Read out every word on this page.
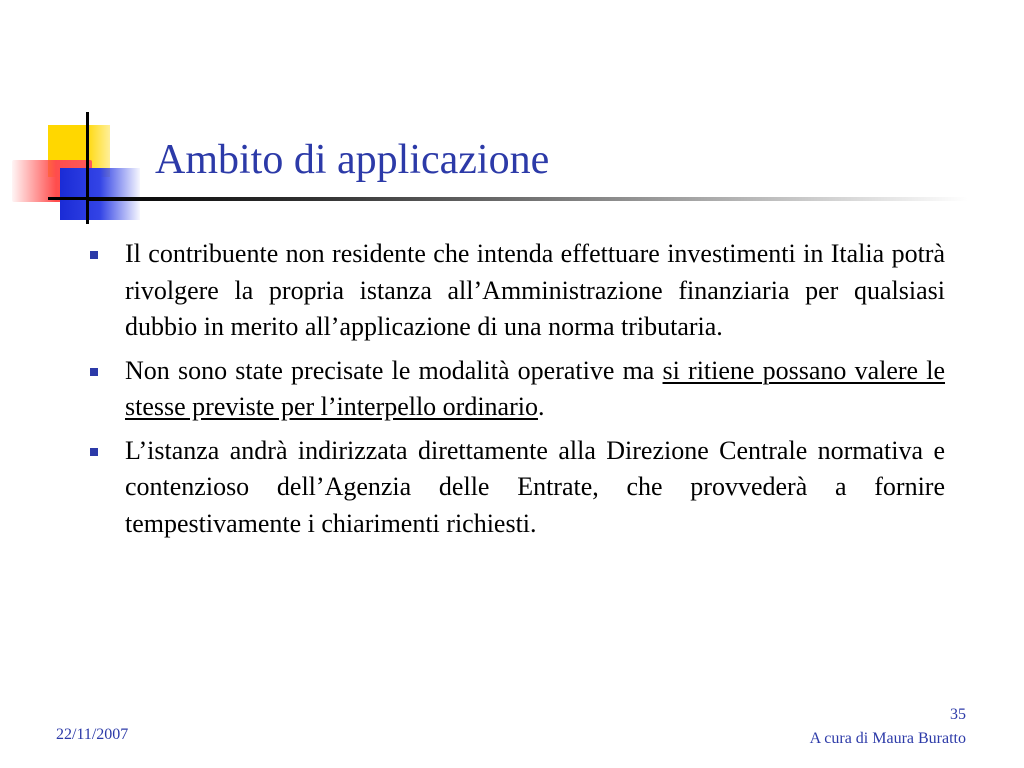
Ambito di applicazione
Il contribuente non residente che intenda effettuare investimenti in Italia potrà rivolgere la propria istanza all’Amministrazione finanziaria per qualsiasi dubbio in merito all’applicazione di una norma tributaria.
Non sono state precisate le modalità operative ma si ritiene possano valere le stesse previste per l’interpello ordinario.
L’istanza andrà indirizzata direttamente alla Direzione Centrale normativa e contenzioso dell’Agenzia delle Entrate, che provvederà a fornire tempestivamente i chiarimenti richiesti.
22/11/2007
35
A cura di Maura Buratto
